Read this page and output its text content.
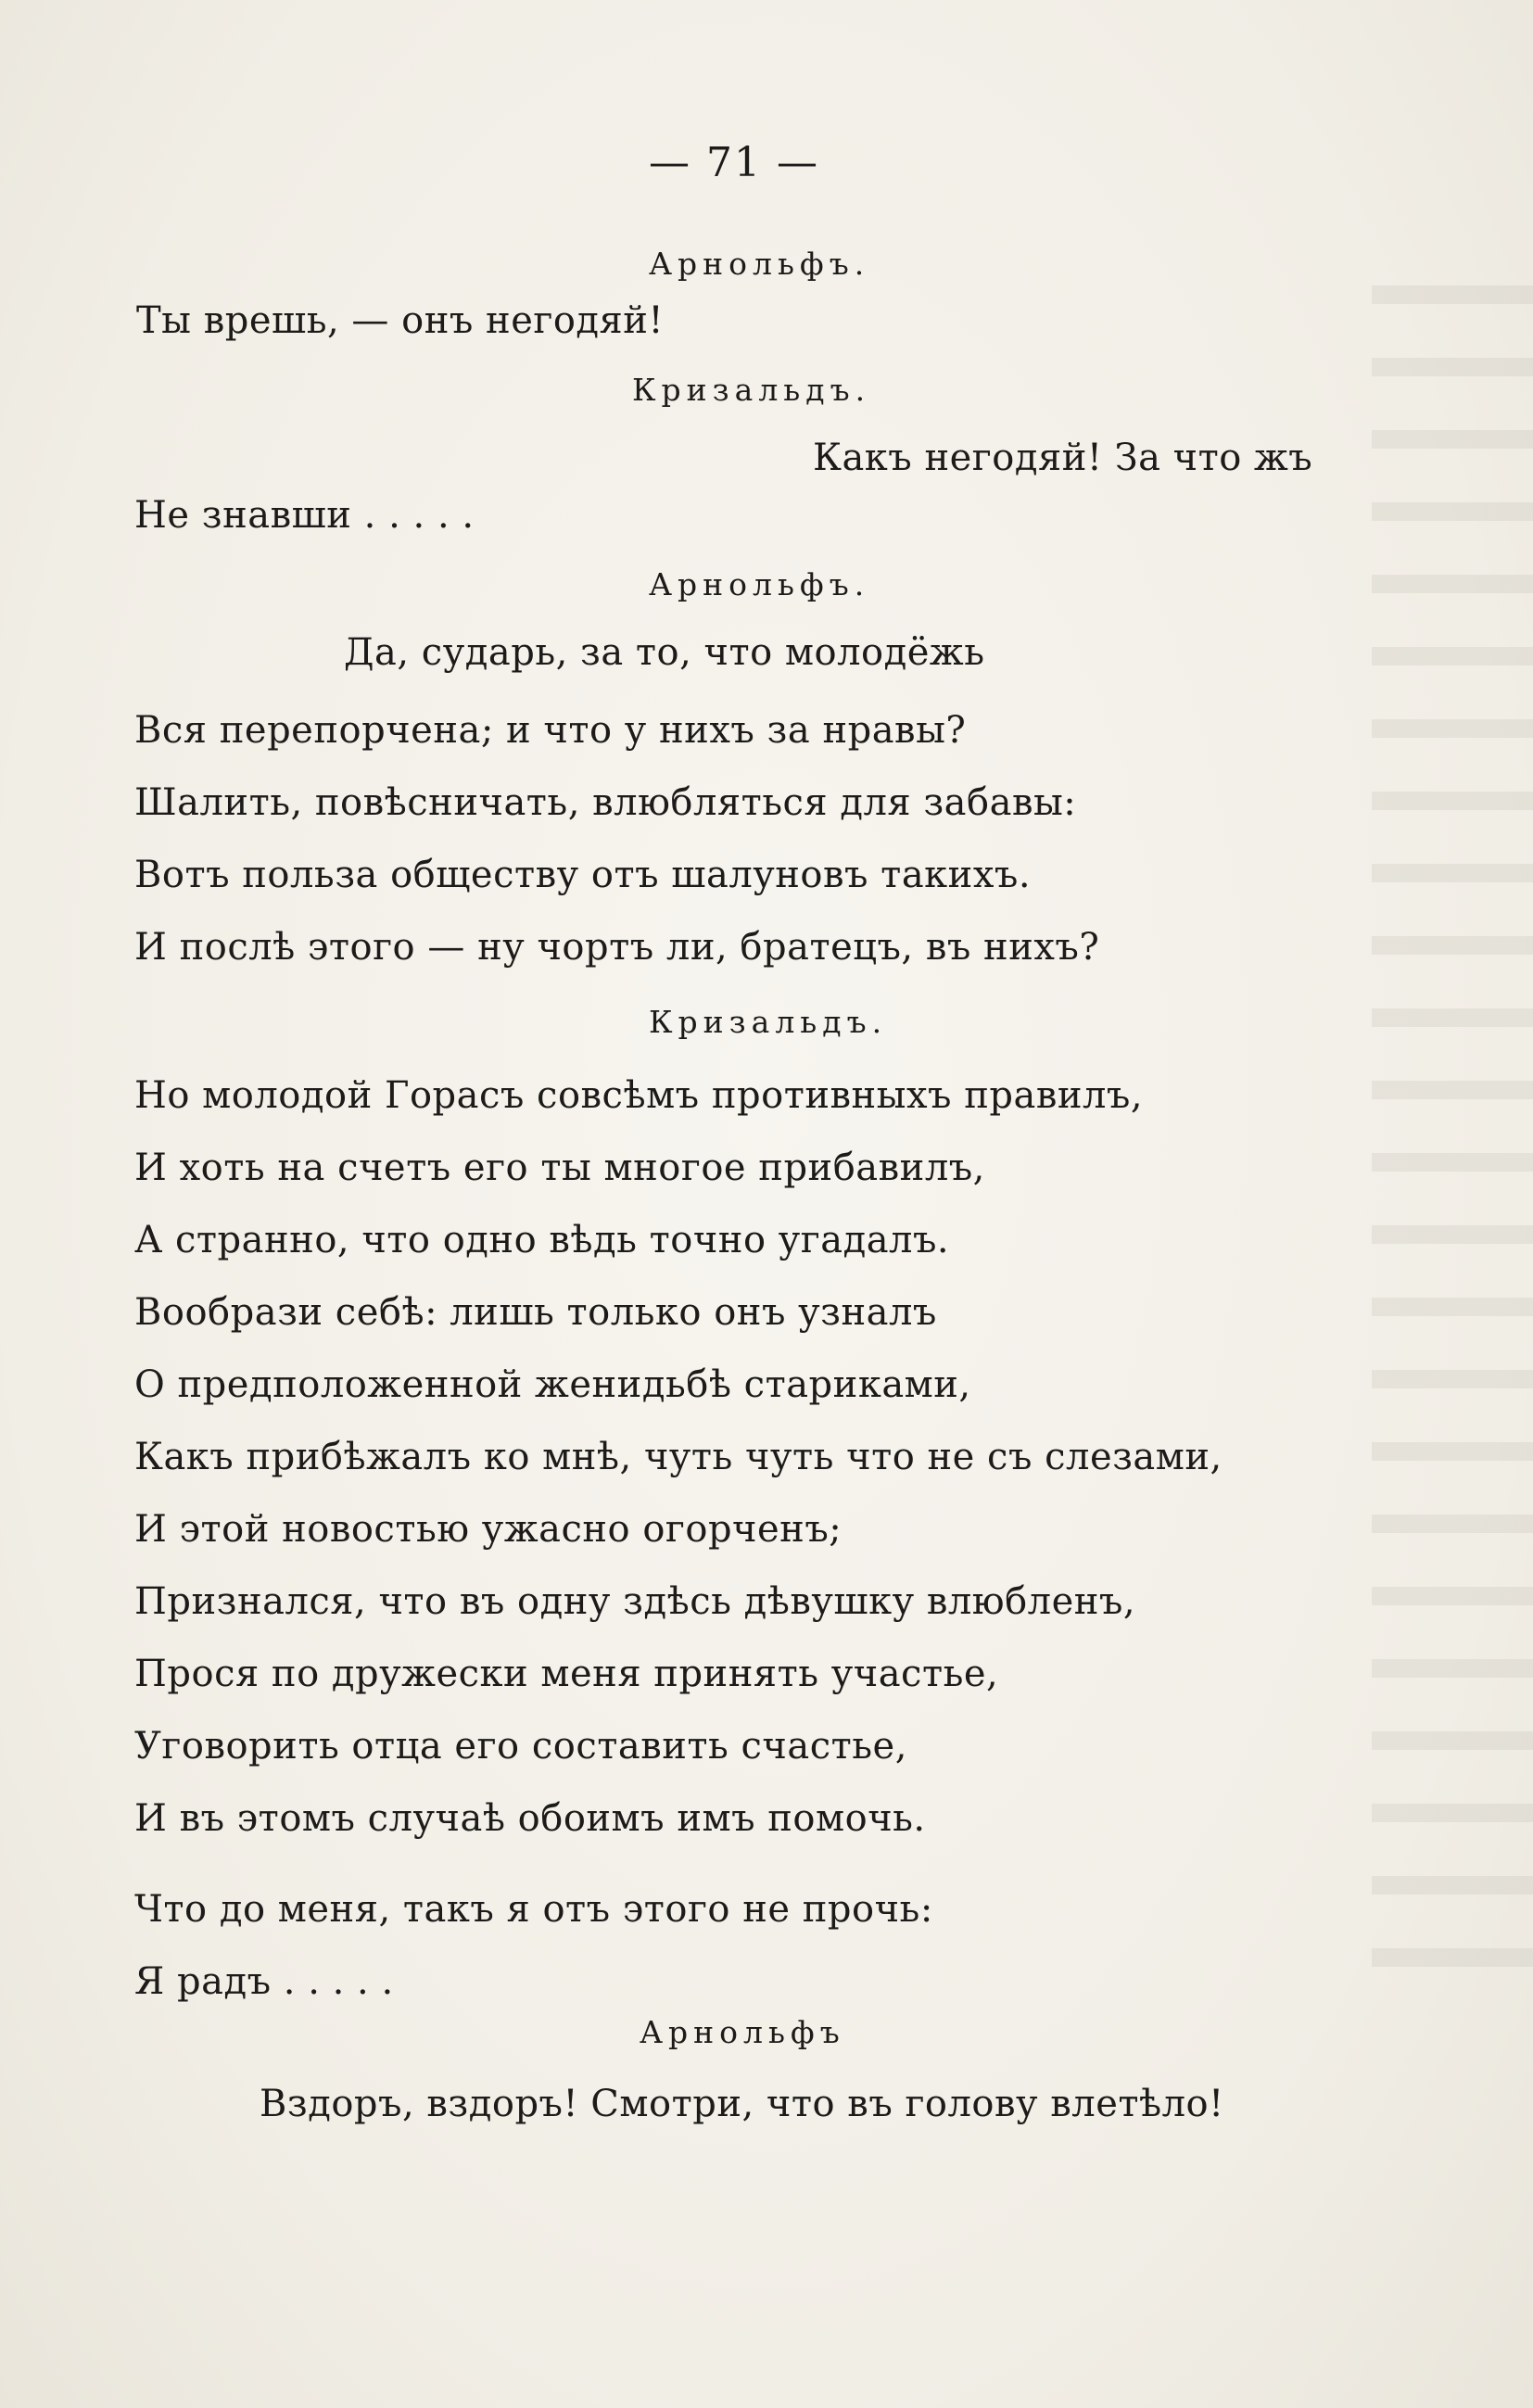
— 71 —
Арнольфъ.
Ты врешь, — онъ негодяй!
Кризальдъ.
Какъ негодяй! За что жъ
Не знавши . . . . .
Арнольфъ.
Да, сударь, за то, что молодёжь
Вся перепорчена; и что у нихъ за нравы?
Шалить, повѣсничать, влюбляться для забавы:
Вотъ польза обществу отъ шалуновъ такихъ.
И послѣ этого — ну чортъ ли, братецъ, въ нихъ?
Кризальдъ.
Но молодой Горасъ совсѣмъ противныхъ правилъ,
И хоть на счетъ его ты многое прибавилъ,
А странно, что одно вѣдь точно угадалъ.
Вообрази себѣ: лишь только онъ узналъ
О предположенной женидьбѣ стариками,
Какъ прибѣжалъ ко мнѣ, чуть чуть что не съ слезами,
И этой новостью ужасно огорченъ;
Признался, что въ одну здѣсь дѣвушку влюбленъ,
Прося по дружески меня принять участье,
Уговорить отца его составить счастье,
И въ этомъ случаѣ обоимъ имъ помочь.
Что до меня, такъ я отъ этого не прочь:
Я радъ . . . . .
Арнольфъ
Вздоръ, вздоръ! Смотри, что въ голову влетѣло!
